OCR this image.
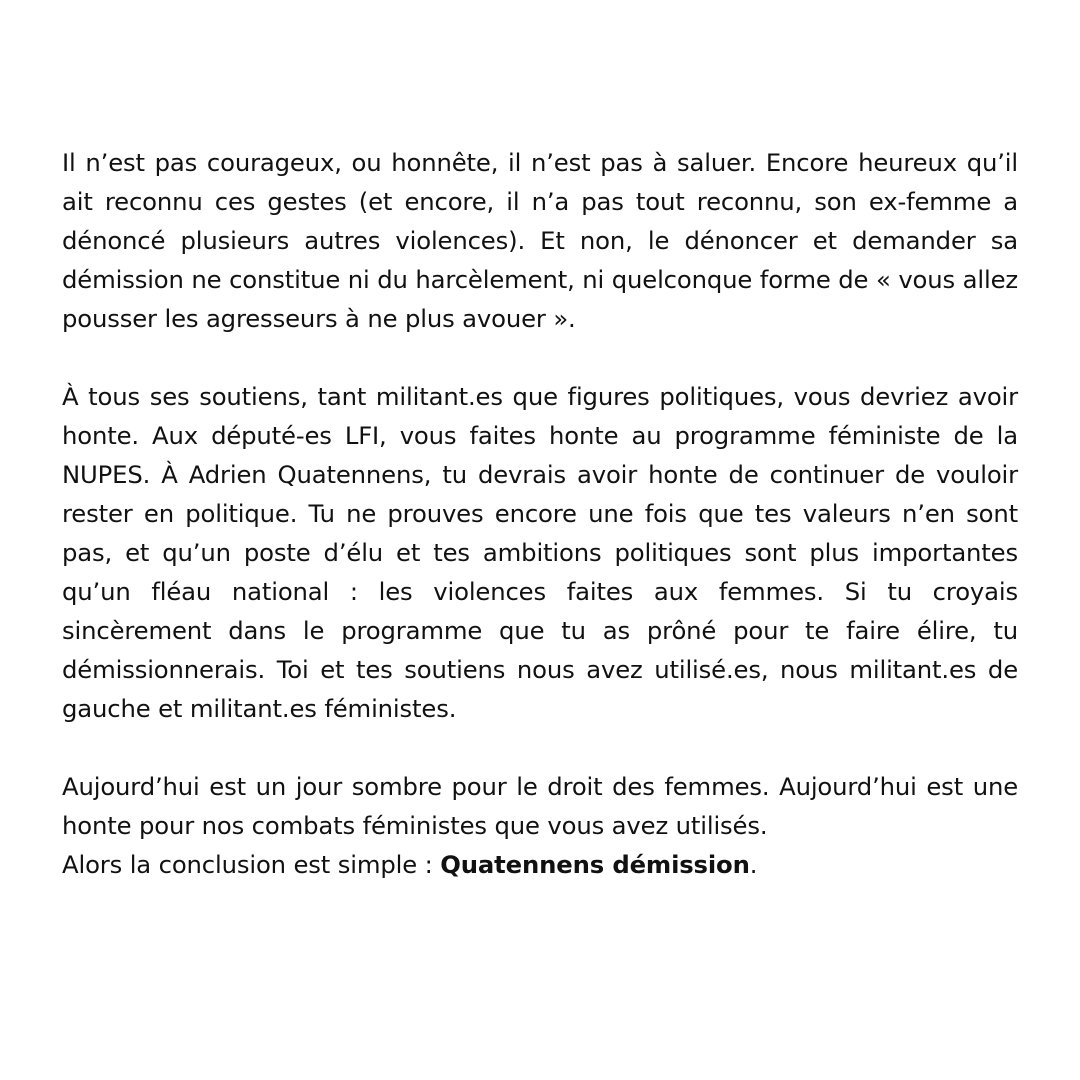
Il n’est pas courageux, ou honnête, il n’est pas à saluer. Encore heureux qu’il ait reconnu ces gestes (et encore, il n’a pas tout reconnu, son ex-femme a dénoncé plusieurs autres violences). Et non, le dénoncer et demander sa démission ne constitue ni du harcèlement, ni quelconque forme de « vous allez pousser les agresseurs à ne plus avouer ».

À tous ses soutiens, tant militant.es que figures politiques, vous devriez avoir honte. Aux député-es LFI, vous faites honte au programme féministe de la NUPES. À Adrien Quatennens, tu devrais avoir honte de continuer de vouloir rester en politique. Tu ne prouves encore une fois que tes valeurs n’en sont pas, et qu’un poste d’élu et tes ambitions politiques sont plus importantes qu’un fléau national : les violences faites aux femmes. Si tu croyais sincèrement dans le programme que tu as prôné pour te faire élire, tu démissionnerais. Toi et tes soutiens nous avez utilisé.es, nous militant.es de gauche et militant.es féministes.

Aujourd’hui est un jour sombre pour le droit des femmes. Aujourd’hui est une honte pour nos combats féministes que vous avez utilisés.
Alors la conclusion est simple : Quatennens démission.
